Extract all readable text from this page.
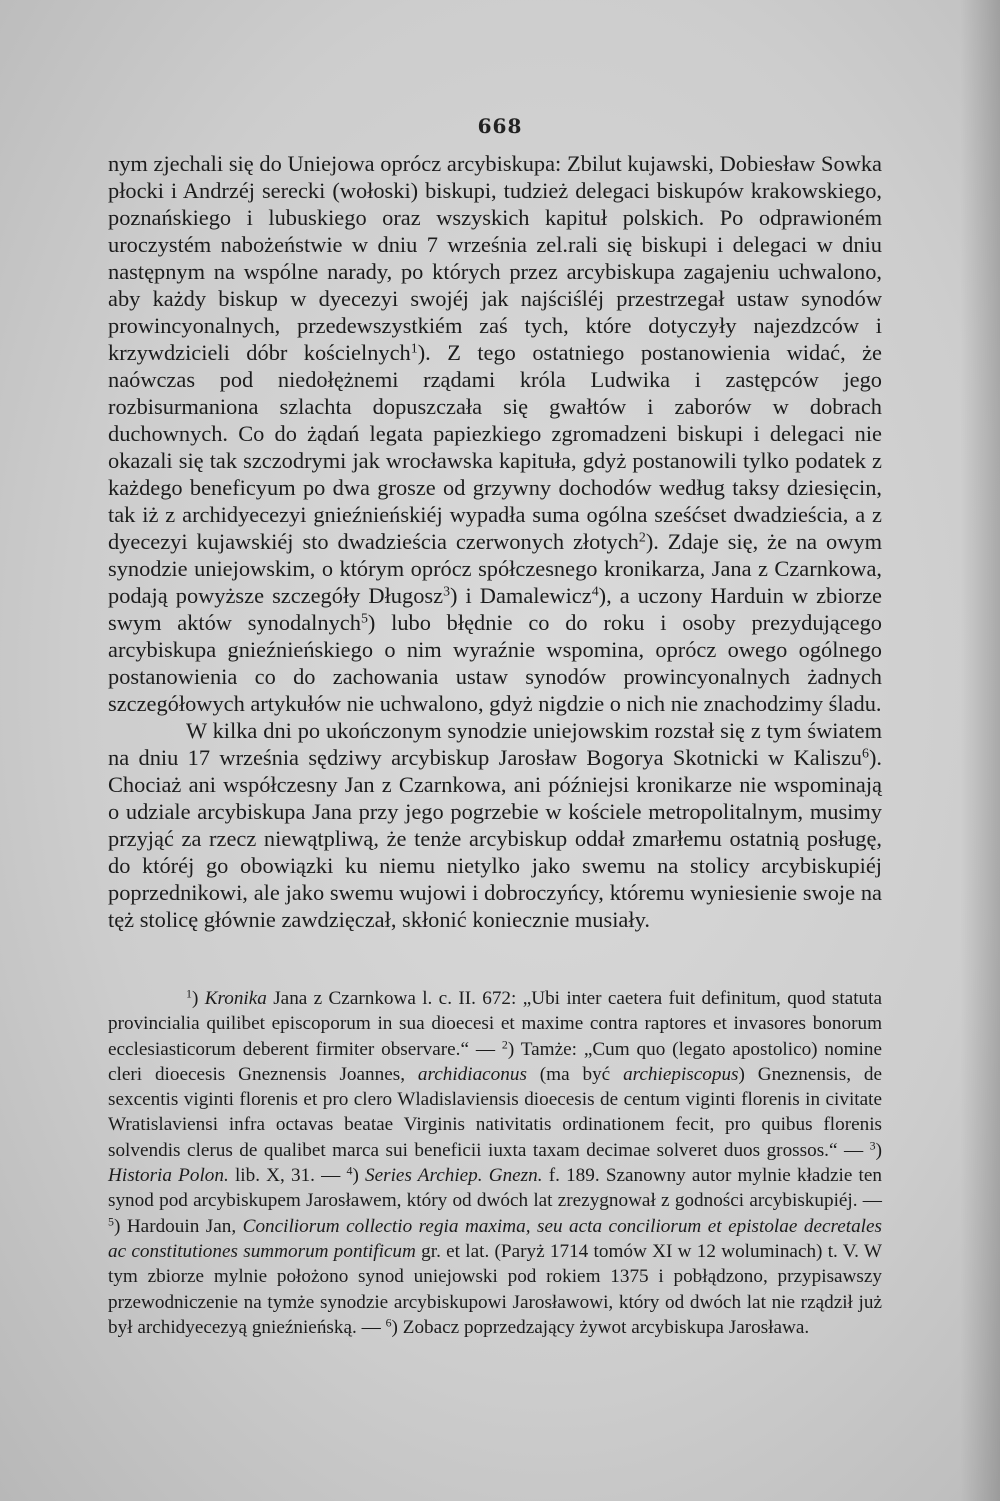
668

nym zjechali się do Uniejowa oprócz arcybiskupa: Zbilut kujawski, Dobiesław Sowka płocki i Andrzéj serecki (wołoski) biskupi, tudzież delegaci biskupów krakowskiego, poznańskiego i lubuskiego oraz wszyskich kapituł polskich. Po odprawioném uroczystém nabożeństwie w dniu 7 września zel.rali się biskupi i delegaci w dniu następnym na wspólne narady, po których przez arcybiskupa zagajeniu uchwalono, aby każdy biskup w dyecezyi swojéj jak najściśléj przestrzegał ustaw synodów prowincyonalnych, przedewszystkiém zaś tych, które dotyczyły najezdzców i krzywdzicieli dóbr kościelnych$^1$). Z tego ostatniego postanowienia widać, że naówczas pod niedołężnemi rządami króla Ludwika i zastępców jego rozbisurmaniona szlachta dopuszczała się gwałtów i zaborów w dobrach duchownych. Co do żądań legata papiezkiego zgromadzeni biskupi i delegaci nie okazali się tak szczodrymi jak wrocławska kapituła, gdyż postanowili tylko podatek z każdego beneficyum po dwa grosze od grzywny dochodów według taksy dziesięcin, tak iż z archidyecezyi gnieźnieńskiéj wypadła suma ogólna sześćset dwadzieścia, a z dyecezyi kujawskiéj sto dwadzieścia czerwonych złotych$^2$). Zdaje się, że na owym synodzie uniejowskim, o którym oprócz spółczesnego kronikarza, Jana z Czarnkowa, podają powyższe szczegóły Długosz$^3$) i Damalewicz$^4$), a uczony Harduin w zbiorze swym aktów synodalnych$^5$) lubo błędnie co do roku i osoby prezydującego arcybiskupa gnieźnieńskiego o nim wyraźnie wspomina, oprócz owego ogólnego postanowienia co do zachowania ustaw synodów prowincyonalnych żadnych szczegółowych artykułów nie uchwalono, gdyż nigdzie o nich nie znachodzimy śladu.

W kilka dni po ukończonym synodzie uniejowskim rozstał się z tym światem na dniu 17 września sędziwy arcybiskup Jarosław Bogorya Skotnicki w Kaliszu$^6$). Chociaż ani współczesny Jan z Czarnkowa, ani późniejsi kronikarze nie wspominają o udziale arcybiskupa Jana przy jego pogrzebie w kościele metropolitalnym, musimy przyjąć za rzecz niewątpliwą, że tenże arcybiskup oddał zmarłemu ostatnią posługę, do któréj go obowiązki ku niemu nietylko jako swemu na stolicy arcybiskupiéj poprzednikowi, ale jako swemu wujowi i dobroczyńcy, któremu wyniesienie swoje na tęż stolicę głównie zawdzięczał, skłonić koniecznie musiały.

$^1$) Kronika Jana z Czarnkowa l. c. II. 672: „Ubi inter caetera fuit definitum, quod statuta provincialia quilibet episcoporum in sua dioecesi et maxime contra raptores et invasores bonorum ecclesiasticorum deberent firmiter observare.“ — $^2$) Tamże: „Cum quo (legato apostolico) nomine cleri dioecesis Gneznensis Joannes, archidiaconus (ma być archiepiscopus) Gneznensis, de sexcentis viginti florenis et pro clero Wladislaviensis dioecesis de centum viginti florenis in civitate Wratislaviensi infra octavas beatae Virginis nativitatis ordinationem fecit, pro quibus florenis solvendis clerus de qualibet marca sui beneficii iuxta taxam decimae solveret duos grossos.“ — $^3$) Historia Polon. lib. X, 31. — $^4$) Series Archiep. Gnezn. f. 189. Szanowny autor mylnie kładzie ten synod pod arcybiskupem Jarosławem, który od dwóch lat zrezygnował z godności arcybiskupiéj. — $^5$) Hardouin Jan, Conciliorum collectio regia maxima, seu acta conciliorum et epistolae decretales ac constitutiones summorum pontificum gr. et lat. (Paryż 1714 tomów XI w 12 woluminach) t. V. W tym zbiorze mylnie położono synod uniejowski pod rokiem 1375 i pobłądzono, przypisawszy przewodniczenie na tymże synodzie arcybiskupowi Jarosławowi, który od dwóch lat nie rządził już był archidyecezyą gnieźnieńską. — $^6$) Zobacz poprzedzający żywot arcybiskupa Jarosława.
